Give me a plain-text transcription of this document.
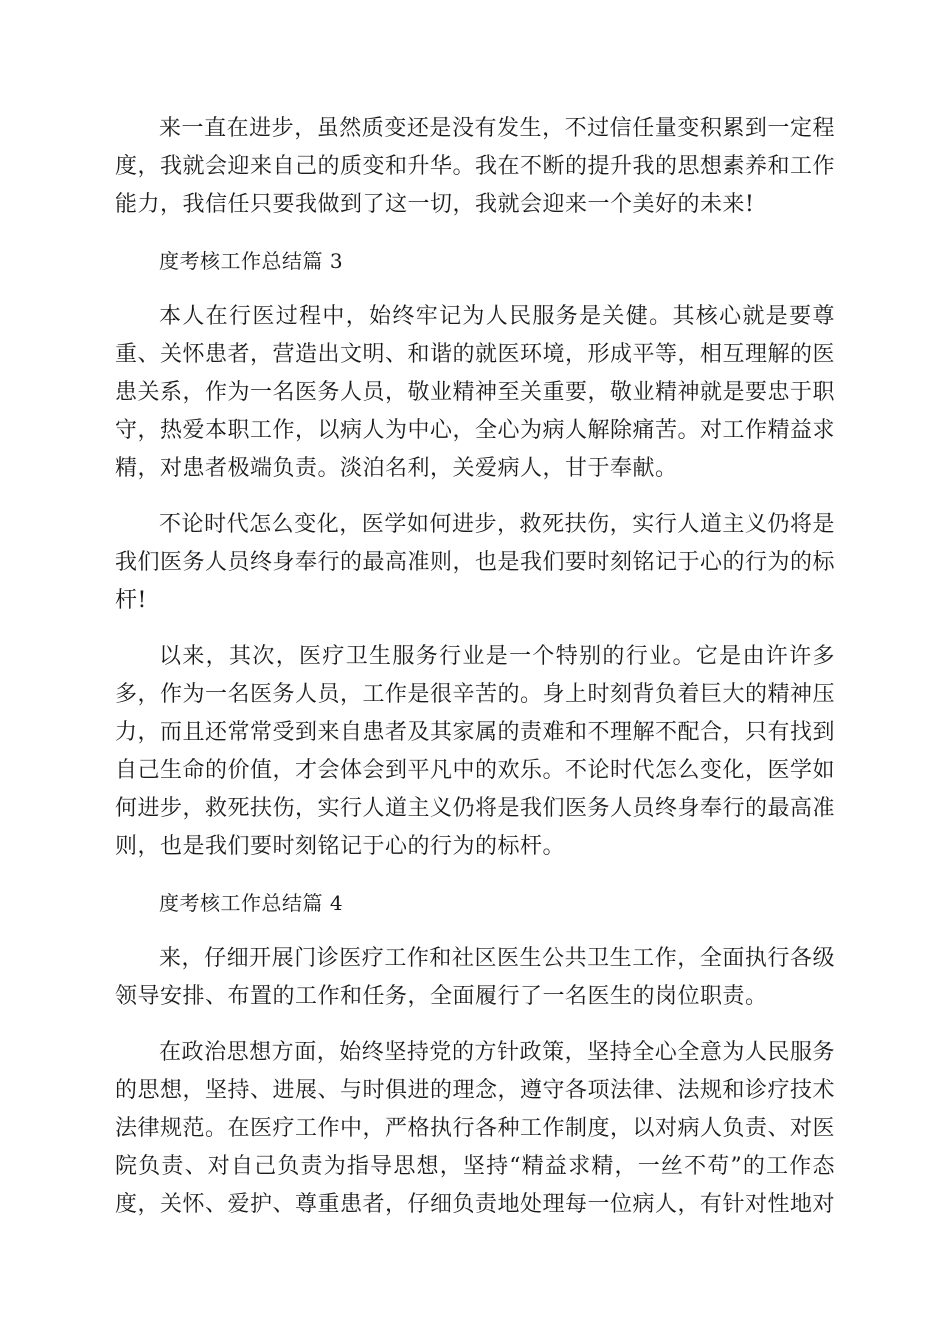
来一直在进步，虽然质变还是没有发生，不过信任量变积累到一定程度，我就会迎来自己的质变和升华。我在不断的提升我的思想素养和工作能力，我信任只要我做到了这一切，我就会迎来一个美好的未来!

度考核工作总结篇 3

本人在行医过程中，始终牢记为人民服务是关健。其核心就是要尊重、关怀患者，营造出文明、和谐的就医环境，形成平等，相互理解的医患关系，作为一名医务人员，敬业精神至关重要，敬业精神就是要忠于职守，热爱本职工作，以病人为中心，全心为病人解除痛苦。对工作精益求精，对患者极端负责。淡泊名利，关爱病人，甘于奉献。

不论时代怎么变化，医学如何进步，救死扶伤，实行人道主义仍将是我们医务人员终身奉行的最高准则，也是我们要时刻铭记于心的行为的标杆!

以来，其次，医疗卫生服务行业是一个特别的行业。它是由许许多多，作为一名医务人员，工作是很辛苦的。身上时刻背负着巨大的精神压力，而且还常常受到来自患者及其家属的责难和不理解不配合，只有找到自己生命的价值，才会体会到平凡中的欢乐。不论时代怎么变化，医学如何进步，救死扶伤，实行人道主义仍将是我们医务人员终身奉行的最高准则，也是我们要时刻铭记于心的行为的标杆。

度考核工作总结篇 4

来，仔细开展门诊医疗工作和社区医生公共卫生工作，全面执行各级领导安排、布置的工作和任务，全面履行了一名医生的岗位职责。

在政治思想方面，始终坚持党的方针政策，坚持全心全意为人民服务的思想，坚持、进展、与时俱进的理念，遵守各项法律、法规和诊疗技术法律规范。在医疗工作中，严格执行各种工作制度，以对病人负责、对医院负责、对自己负责为指导思想，坚持“精益求精，一丝不苟”的工作态度，关怀、爱护、尊重患者，仔细负责地处理每一位病人，有针对性地对
